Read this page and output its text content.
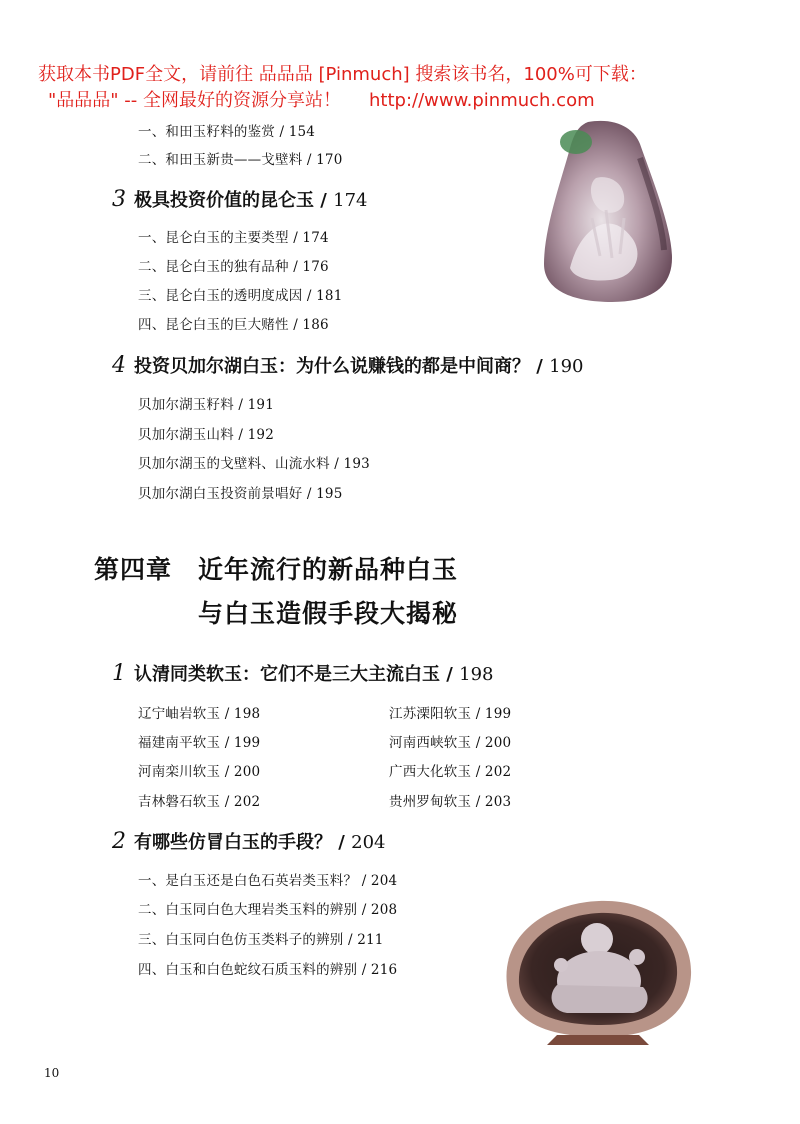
获取本书PDF全文，请前往 品品品 [Pinmuch] 搜索该书名，100%可下载：
"品品品" -- 全网最好的资源分享站！ http://www.pinmuch.com
一、和田玉籽料的鉴赏 / 154
二、和田玉新贵——戈壁料 / 170
3 极具投资价值的昆仑玉 / 174
一、昆仑白玉的主要类型 / 174
二、昆仑白玉的独有品种 / 176
三、昆仑白玉的透明度成因 / 181
四、昆仑白玉的巨大赌性 / 186
4 投资贝加尔湖白玉：为什么说赚钱的都是中间商？ / 190
贝加尔湖玉籽料 / 191
贝加尔湖玉山料 / 192
贝加尔湖玉的戈壁料、山流水料 / 193
贝加尔湖白玉投资前景唱好 / 195
第四章 近年流行的新品种白玉
与白玉造假手段大揭秘
1 认清同类软玉：它们不是三大主流白玉 / 198
辽宁岫岩软玉 / 198
福建南平软玉 / 199
河南栾川软玉 / 200
吉林磐石软玉 / 202
江苏溧阳软玉 / 199
河南西峡软玉 / 200
广西大化软玉 / 202
贵州罗甸软玉 / 203
2 有哪些仿冒白玉的手段？ / 204
一、是白玉还是白色石英岩类玉料？ / 204
二、白玉同白色大理岩类玉料的辨别 / 208
三、白玉同白色仿玉类料子的辨别 / 211
四、白玉和白色蛇纹石质玉料的辨别 / 216
10
